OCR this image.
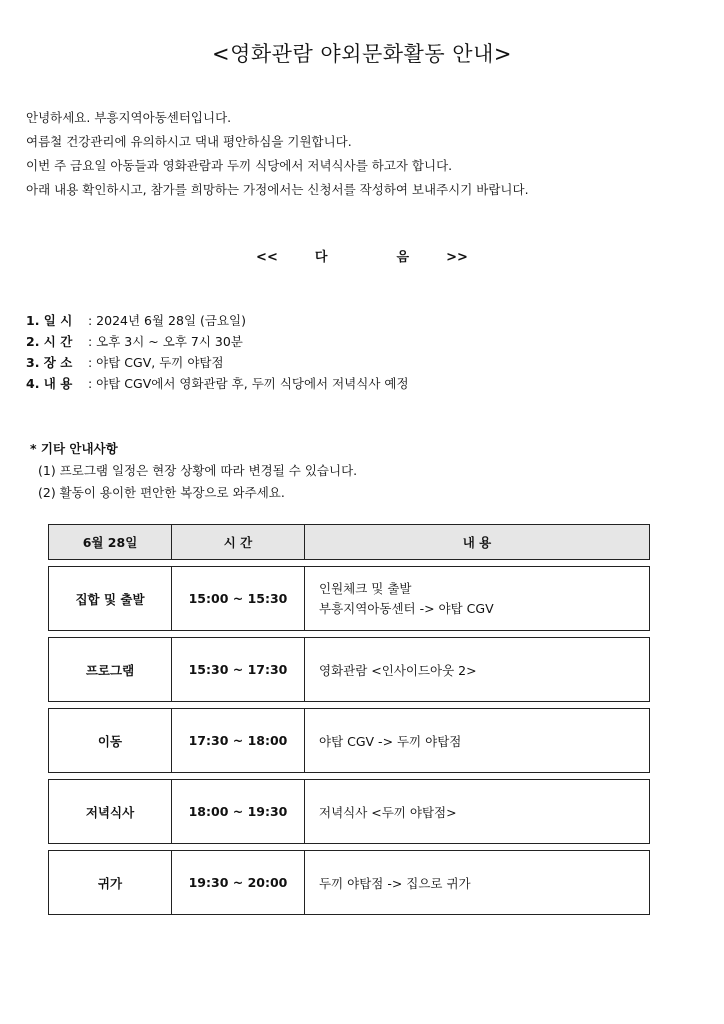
<영화관람 야외문화활동 안내>
안녕하세요. 부흥지역아동센터입니다.
여름철 건강관리에 유의하시고 댁내 평안하심을 기원합니다.
이번 주 금요일 아동들과 영화관람과 두끼 식당에서 저녁식사를 하고자 합니다.
아래 내용 확인하시고, 참가를 희망하는 가정에서는 신청서를 작성하여 보내주시기 바랍니다.
<<	다	음	>>
1. 일 시 : 2024년 6월 28일 (금요일)
2. 시 간 : 오후 3시 ~ 오후 7시 30분
3. 장 소 : 야탑 CGV, 두끼 야탑점
4. 내 용 : 야탑 CGV에서 영화관람 후, 두끼 식당에서 저녁식사 예정
* 기타 안내사항
(1) 프로그램 일정은 현장 상황에 따라 변경될 수 있습니다.
(2) 활동이 용이한 편안한 복장으로 와주세요.
6월 28일	시 간	내 용

집합 및 출발	15:00 ~ 15:30	인원체크 및 출발
부흥지역아동센터 -> 야탑 CGV

프로그램	15:30 ~ 17:30	영화관람 <인사이드아웃 2>

이동	17:30 ~ 18:00	야탑 CGV -> 두끼 야탑점

저녁식사	18:00 ~ 19:30	저녁식사 <두끼 야탑점>

귀가	19:30 ~ 20:00	두끼 야탑점 -> 집으로 귀가
